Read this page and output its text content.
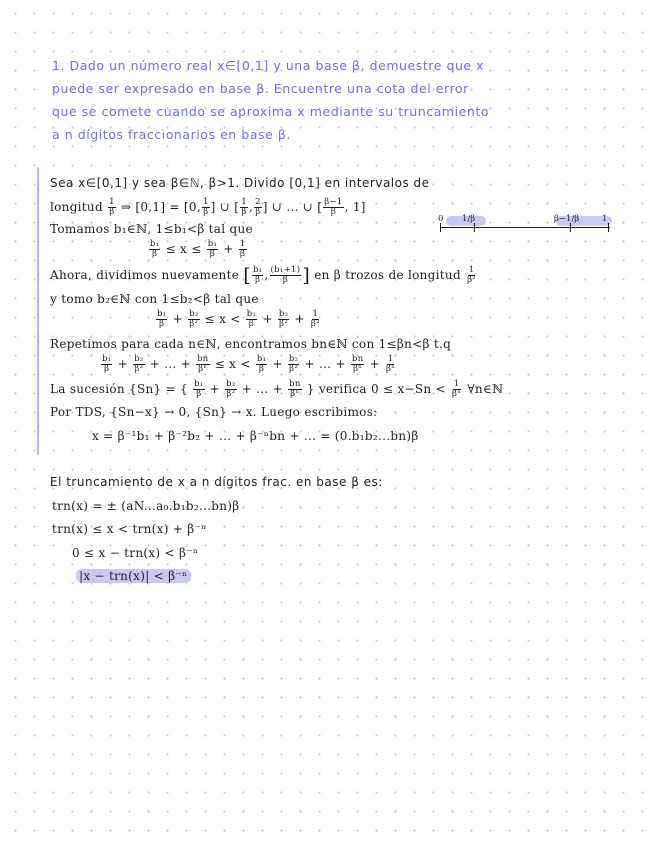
1. Dado un número real x∈[0,1] y una base β, demuestre que x
puede ser expresado en base β. Encuentre una cota del error
que se comete cuando se aproxima x mediante su truncamiento
a n dígitos fraccionarios en base β.
Sea x∈[0,1] y sea β∈ℕ, β>1. Divido [0,1] en intervalos de
longitud $\frac{1}{\beta}$ ⇒ [0,1] = [0, $\frac{1}{\beta}$ ] ∪ [ $\frac{1}{\beta}$ , $\frac{2}{\beta}$ ] ∪ ... ∪ [ $\frac{\beta-1}{\beta}$ , 1]
Tomamos b₁∈ℕ, 1≤b₁<β tal que
0 1/β	β−1/β	1
$\frac{\text{b₁}}{\beta} \le x \le \frac{\text{b₁}}{\beta} + \frac{1}{\beta}$
Ahora, dividimos nuevamente [ $\frac{\text{b₁}}{\beta}$ , $\frac{\text{(b₁+1)}}{\beta}$ ] en β trozos de longitud $\frac{1}{\text{β²}}$
y tomo b₂∈ℕ con 1≤b₂<β tal que
$\frac{\text{b₁}}{\beta} + \frac{\text{b₂}}{\text{β²}} \le x < \frac{\text{b₁}}{\beta} + \frac{\text{b₂}}{\text{β²}} + \frac{1}{\text{β²}}$
Repetimos para cada n∈ℕ, encontramos bn∈ℕ con 1≤βn<β t.q
$\frac{\text{b₁}}{\beta} + \frac{\text{b₂}}{\text{β²}}$ + ... + $\frac{bn}{\text{βⁿ}} \le x < \frac{\text{b₁}}{\beta} + \frac{\text{b₂}}{\text{β²}}$ + ... + $\frac{bn}{\text{βⁿ}} + \frac{1}{\text{βⁿ}}$
La sucesión {Sn} = { $\frac{\text{b₁}}{\beta} + \frac{\text{b₂}}{\text{β²}}$ + ... + $\frac{bn}{\text{βⁿ}}$ } verifica $0 \le x-Sn < \frac{1}{\text{βⁿ}}$ ∀n∈ℕ
Por TDS, {Sn−x} → 0, {Sn} → x. Luego escribimos:
x = β⁻¹b₁ + β⁻²b₂ + ... + β⁻ⁿbn + ... = (0.b₁b₂...bn)β
El truncamiento de x a n dígitos frac. en base β es:
trn(x) = ± (aN...a₀.b₁b₂...bn)β
trn(x) ≤ x < trn(x) + β⁻ⁿ
0 ≤ x − trn(x) < β⁻ⁿ
|x − trn(x)| < β⁻ⁿ
